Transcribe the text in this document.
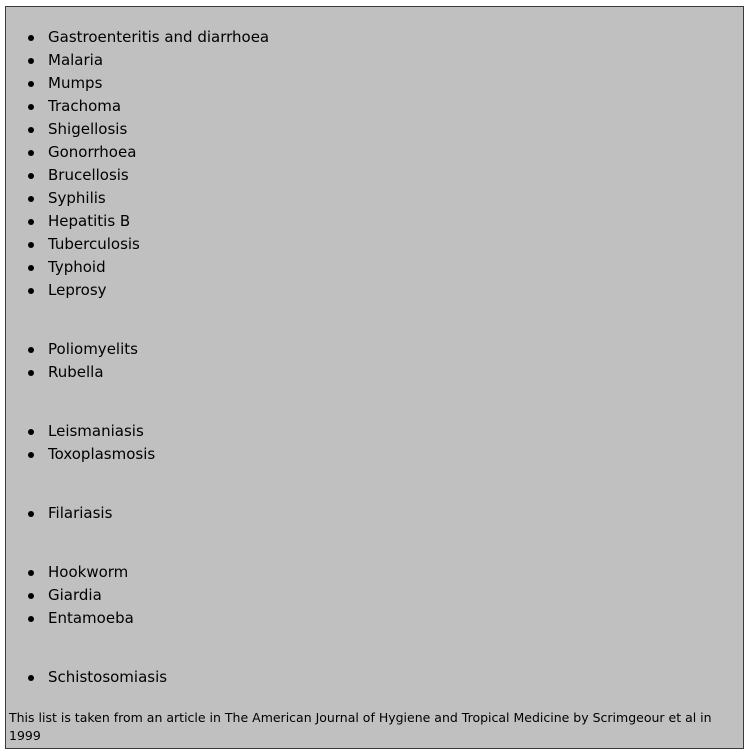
Gastroenteritis and diarrhoea
Malaria
Mumps
Trachoma
Shigellosis
Gonorrhoea
Brucellosis
Syphilis
Hepatitis B
Tuberculosis
Typhoid
Leprosy
Poliomyelits
Rubella
Leismaniasis
Toxoplasmosis
Filariasis
Hookworm
Giardia
Entamoeba
Schistosomiasis

This list is taken from an article in The American Journal of Hygiene and Tropical Medicine by Scrimgeour et al in 1999
